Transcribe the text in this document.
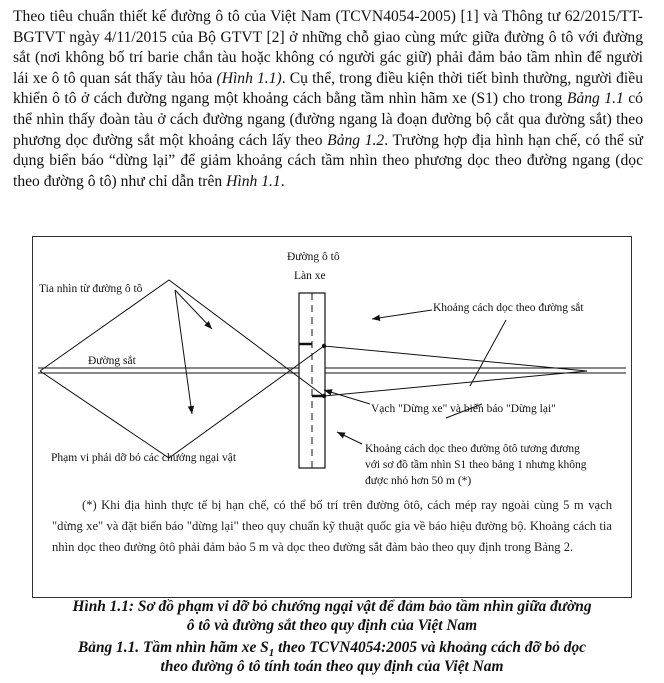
Theo tiêu chuẩn thiết kế đường ô tô của Việt Nam (TCVN4054-2005) [1] và Thông tư 62/2015/TT-BGTVT ngày 4/11/2015 của Bộ GTVT [2] ở những chỗ giao cùng mức giữa đường ô tô với đường sắt (nơi không bố trí barie chắn tàu hoặc không có người gác giữ) phải đảm bảo tầm nhìn để người lái xe ô tô quan sát thấy tàu hỏa (Hình 1.1). Cụ thể, trong điều kiện thời tiết bình thường, người điều khiển ô tô ở cách đường ngang một khoảng cách bằng tầm nhìn hãm xe (S1) cho trong Bảng 1.1 có thể nhìn thấy đoàn tàu ở cách đường ngang (đường ngang là đoạn đường bộ cắt qua đường sắt) theo phương dọc đường sắt một khoảng cách lấy theo Bảng 1.2. Trường hợp địa hình hạn chế, có thể sử dụng biển báo “dừng lại” để giảm khoảng cách tầm nhìn theo phương dọc theo đường ngang (dọc theo đường ô tô) như chỉ dẫn trên Hình 1.1.

Đường ô tô
Làn xe
Tia nhìn từ đường ô tô
Khoảng cách dọc theo đường sắt
Đường sắt
Vạch "Dừng xe" và biển báo "Dừng lại"
Phạm vi phải dỡ bỏ các chướng ngại vật
Khoảng cách dọc theo đường ôtô tương đương
với sơ đồ tầm nhìn S1 theo bảng 1 nhưng không
được nhỏ hơn 50 m (*)
(*) Khi địa hình thực tế bị hạn chế, có thể bố trí trên đường ôtô, cách mép ray ngoài cùng 5 m vạch "dừng xe" và đặt biển báo "dừng lại" theo quy chuẩn kỹ thuật quốc gia về báo hiệu đường bộ. Khoảng cách tia nhìn dọc theo đường ôtô phải đảm bảo 5 m và dọc theo đường sắt đảm bảo theo quy định trong Bảng 2.
Hình 1.1: Sơ đồ phạm vi dỡ bỏ chướng ngại vật để đảm bảo tầm nhìn giữa đường
ô tô và đường sắt theo quy định của Việt Nam
Bảng 1.1. Tầm nhìn hãm xe $S_1$ theo TCVN4054:2005 và khoảng cách đỡ bỏ dọc
theo đường ô tô tính toán theo quy định của Việt Nam
